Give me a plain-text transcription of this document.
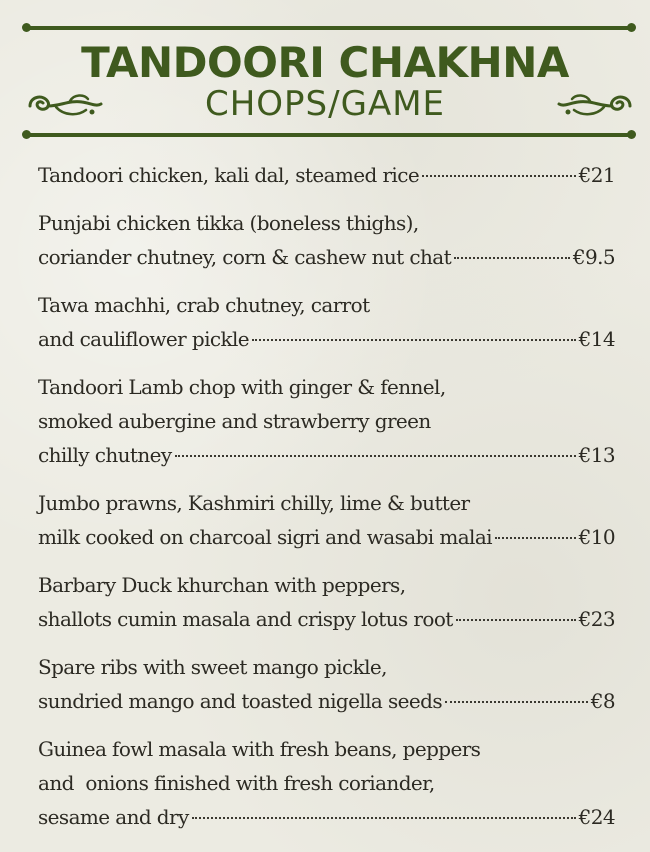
TANDOORI CHAKHNA
CHOPS/GAME
Tandoori chicken, kali dal, steamed rice	€21
Punjabi chicken tikka (boneless thighs),
coriander chutney, corn & cashew nut chat	€9.5
Tawa machhi, crab chutney, carrot
and cauliflower pickle	€14
Tandoori Lamb chop with ginger & fennel,
smoked aubergine and strawberry green
chilly chutney	€13
Jumbo prawns, Kashmiri chilly, lime & butter
milk cooked on charcoal sigri and wasabi malai	€10
Barbary Duck khurchan with peppers,
shallots cumin masala and crispy lotus root	€23
Spare ribs with sweet mango pickle,
sundried mango and toasted nigella seeds	€8
Guinea fowl masala with fresh beans, peppers
and  onions finished with fresh coriander,
sesame and dry	€24
